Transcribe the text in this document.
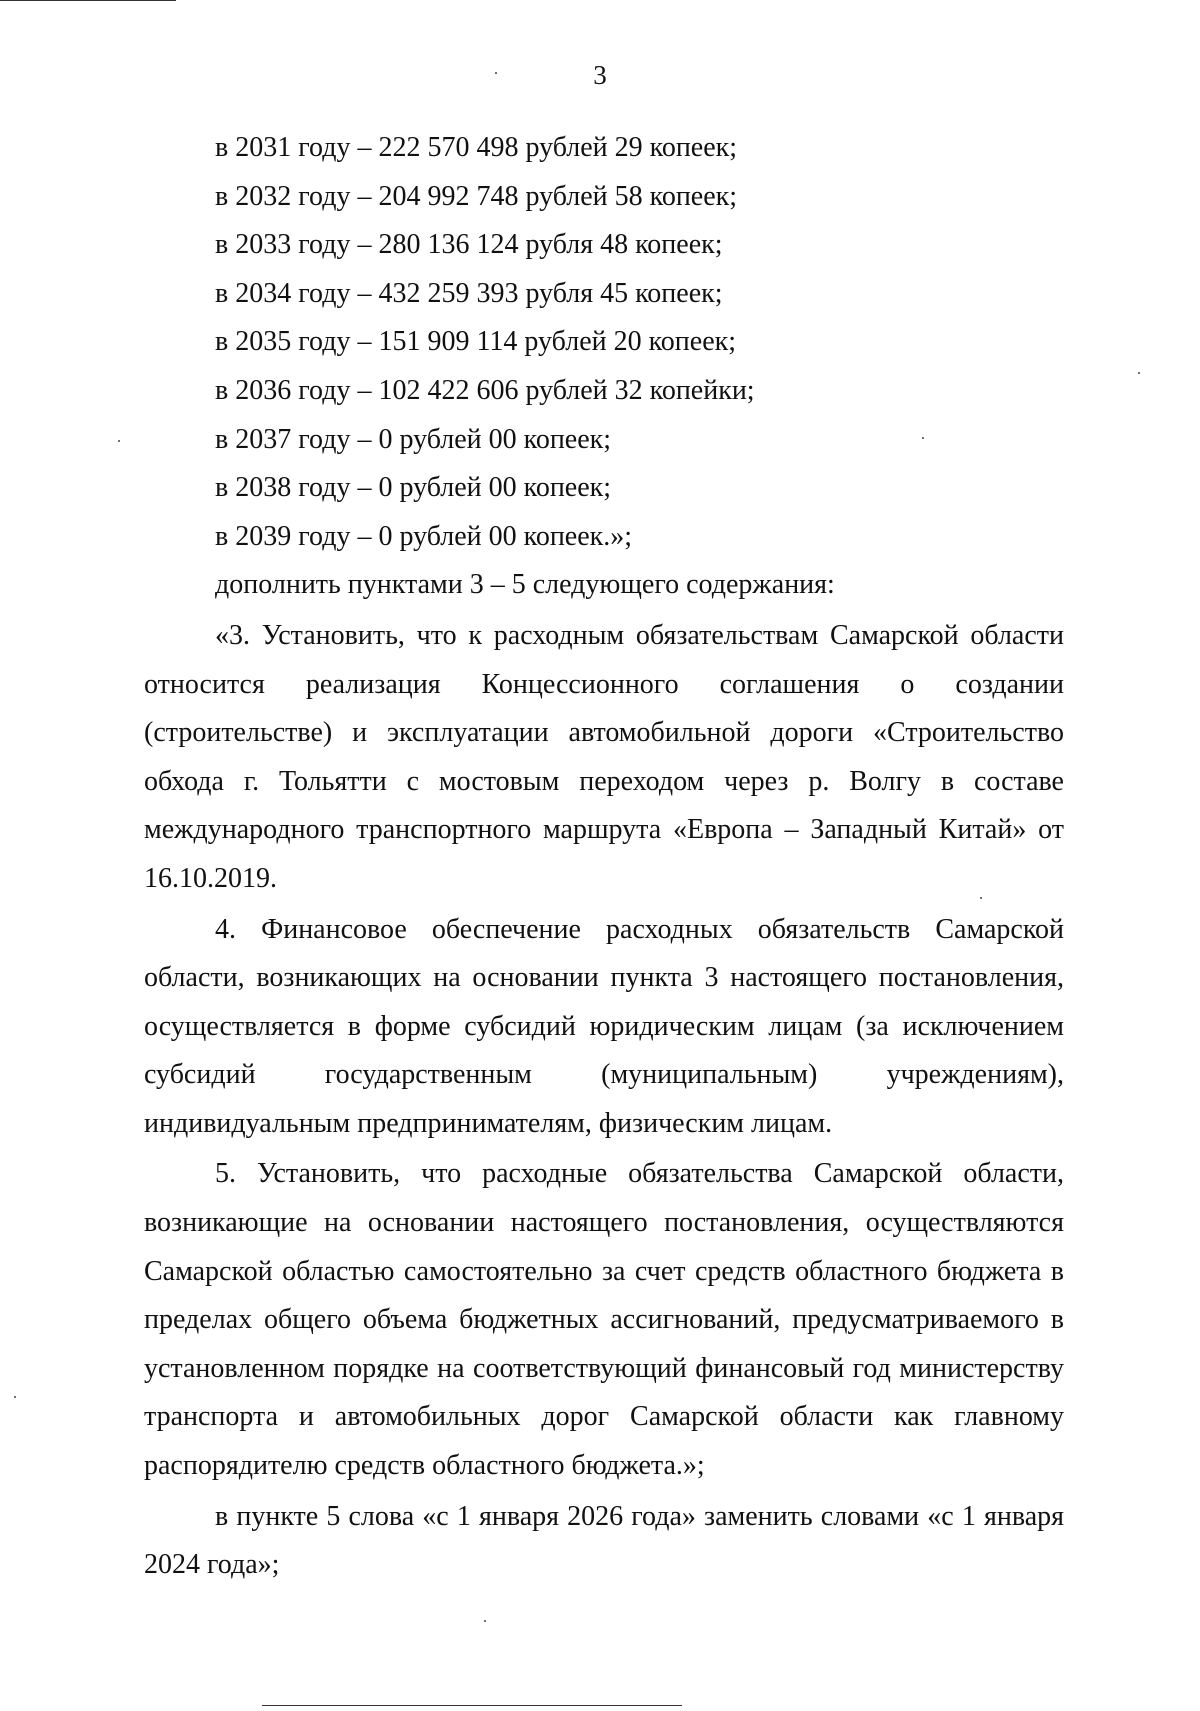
3

в 2031 году – 222 570 498 рублей 29 копеек;

в 2032 году – 204 992 748 рублей 58 копеек;

в 2033 году – 280 136 124 рубля 48 копеек;

в 2034 году – 432 259 393 рубля 45 копеек;

в 2035 году – 151 909 114 рублей 20 копеек;

в 2036 году – 102 422 606 рублей 32 копейки;

в 2037 году – 0 рублей 00 копеек;

в 2038 году – 0 рублей 00 копеек;

в 2039 году – 0 рублей 00 копеек.»;

дополнить пунктами 3 – 5 следующего содержания:

«3. Установить, что к расходным обязательствам Самарской области относится реализация Концессионного соглашения о создании (строительстве) и эксплуатации автомобильной дороги «Строительство обхода г. Тольятти с мостовым переходом через р. Волгу в составе международного транспортного маршрута «Европа – Западный Китай» от 16.10.2019.

4. Финансовое обеспечение расходных обязательств Самарской области, возникающих на основании пункта 3 настоящего постановления, осуществляется в форме субсидий юридическим лицам (за исключением субсидий государственным (муниципальным) учреждениям), индивидуальным предпринимателям, физическим лицам.

5. Установить, что расходные обязательства Самарской области, возникающие на основании настоящего постановления, осуществляются Самарской областью самостоятельно за счет средств областного бюджета в пределах общего объема бюджетных ассигнований, предусматриваемого в установленном порядке на соответствующий финансовый год министерству транспорта и автомобильных дорог Самарской области как главному распорядителю средств областного бюджета.»;

в пункте 5 слова «с 1 января 2026 года» заменить словами «с 1 января 2024 года»;
